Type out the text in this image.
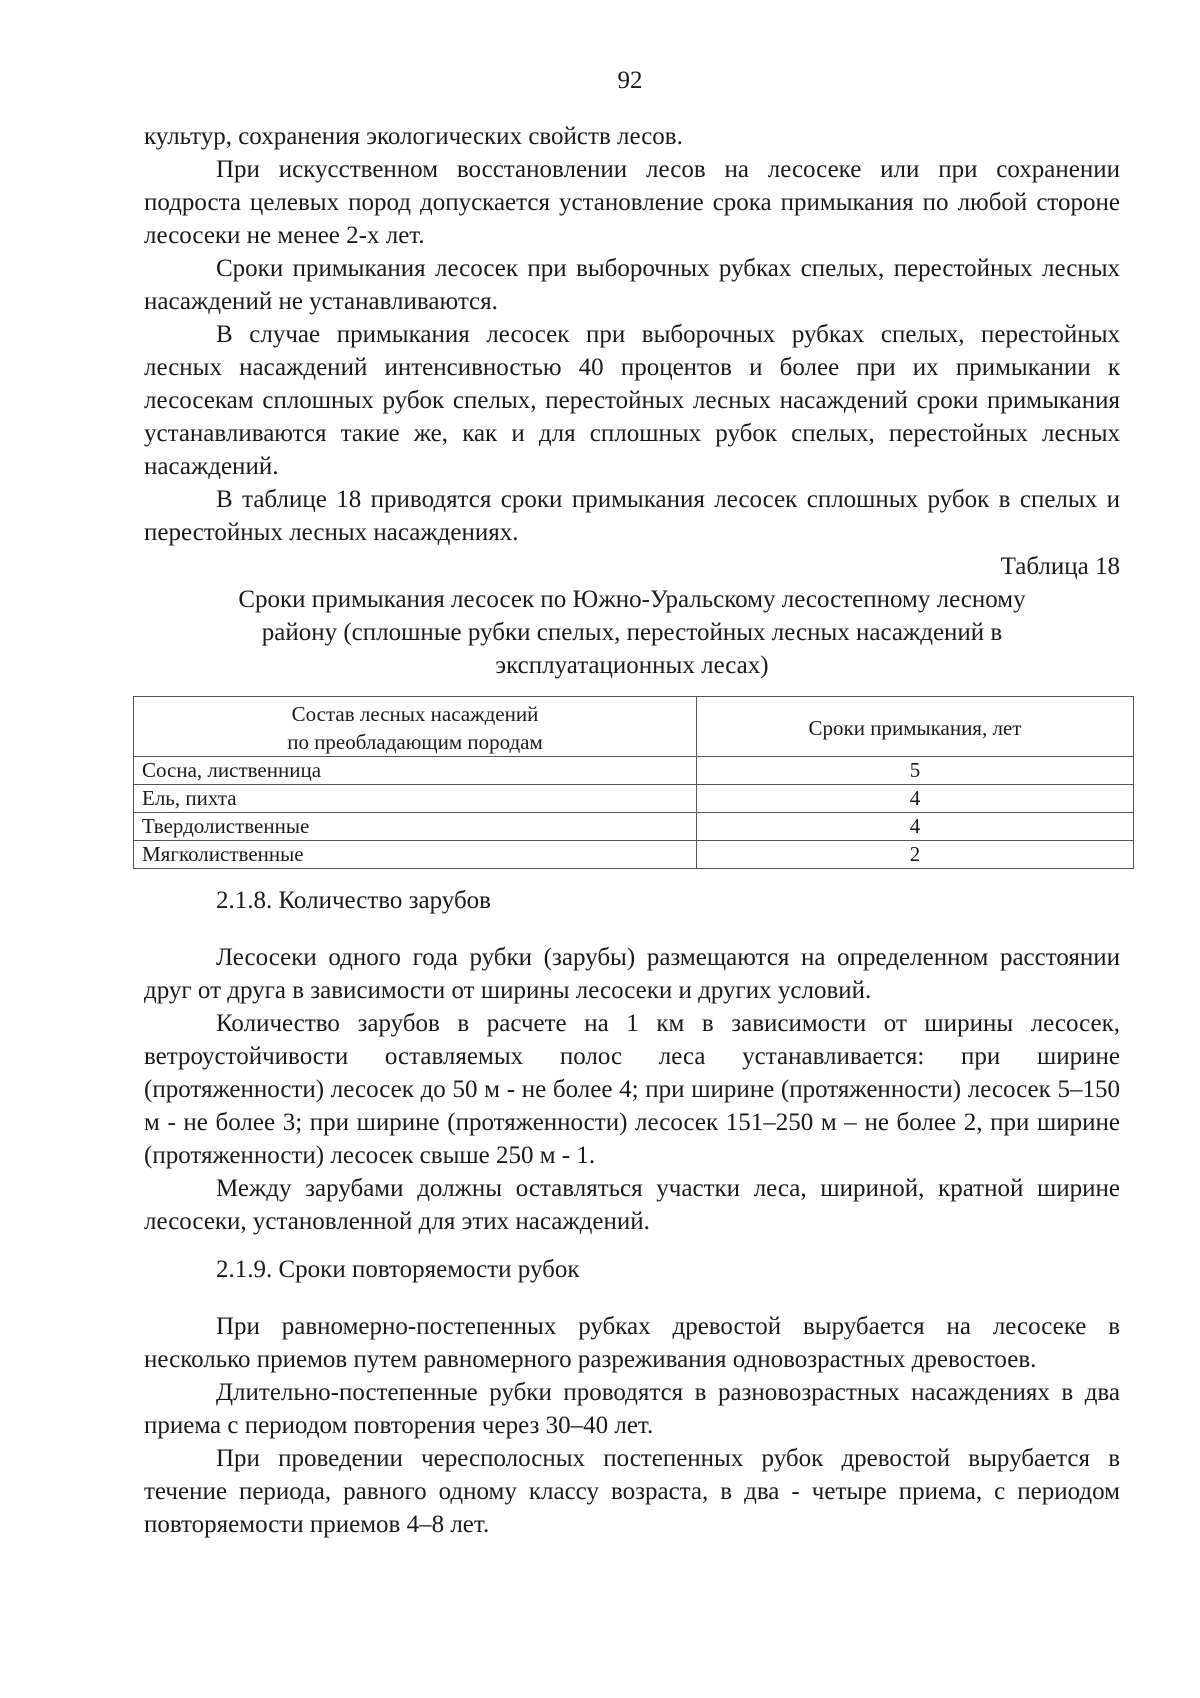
92

культур, сохранения экологических свойств лесов.

При искусственном восстановлении лесов на лесосеке или при сохранении подроста целевых пород допускается установление срока примыкания по любой стороне лесосеки не менее 2-х лет.

Сроки примыкания лесосек при выборочных рубках спелых, перестойных лесных насаждений не устанавливаются.

В случае примыкания лесосек при выборочных рубках спелых, перестойных лесных насаждений интенсивностью 40 процентов и более при их примыкании к лесосекам сплошных рубок спелых, перестойных лесных насаждений сроки примыкания устанавливаются такие же, как и для сплошных рубок спелых, перестойных лесных насаждений.

В таблице 18 приводятся сроки примыкания лесосек сплошных рубок в спелых и перестойных лесных насаждениях.

Таблица 18

Сроки примыкания лесосек по Южно-Уральскому лесостепному лесному
району (сплошные рубки спелых, перестойных лесных насаждений в
эксплуатационных лесах)
Состав лесных насаждений
по преобладающим породам	Сроки примыкания, лет
Сосна, лиственница	5
Ель, пихта	4
Твердолиственные	4
Мягколиственные	2

2.1.8. Количество зарубов

Лесосеки одного года рубки (зарубы) размещаются на определенном расстоянии друг от друга в зависимости от ширины лесосеки и других условий.

Количество зарубов в расчете на 1 км в зависимости от ширины лесосек, ветроустойчивости оставляемых полос леса устанавливается: при ширине (протяженности) лесосек до 50 м - не более 4; при ширине (протяженности) лесосек 5–150 м - не более 3; при ширине (протяженности) лесосек 151–250 м – не более 2, при ширине (протяженности) лесосек свыше 250 м - 1.

Между зарубами должны оставляться участки леса, шириной, кратной ширине лесосеки, установленной для этих насаждений.

2.1.9. Сроки повторяемости рубок

При равномерно-постепенных рубках древостой вырубается на лесосеке в несколько приемов путем равномерного разреживания одновозрастных древостоев.

Длительно-постепенные рубки проводятся в разновозрастных насаждениях в два приема с периодом повторения через 30–40 лет.

При проведении чересполосных постепенных рубок древостой вырубается в течение периода, равного одному классу возраста, в два - четыре приема, с периодом повторяемости приемов 4–8 лет.
